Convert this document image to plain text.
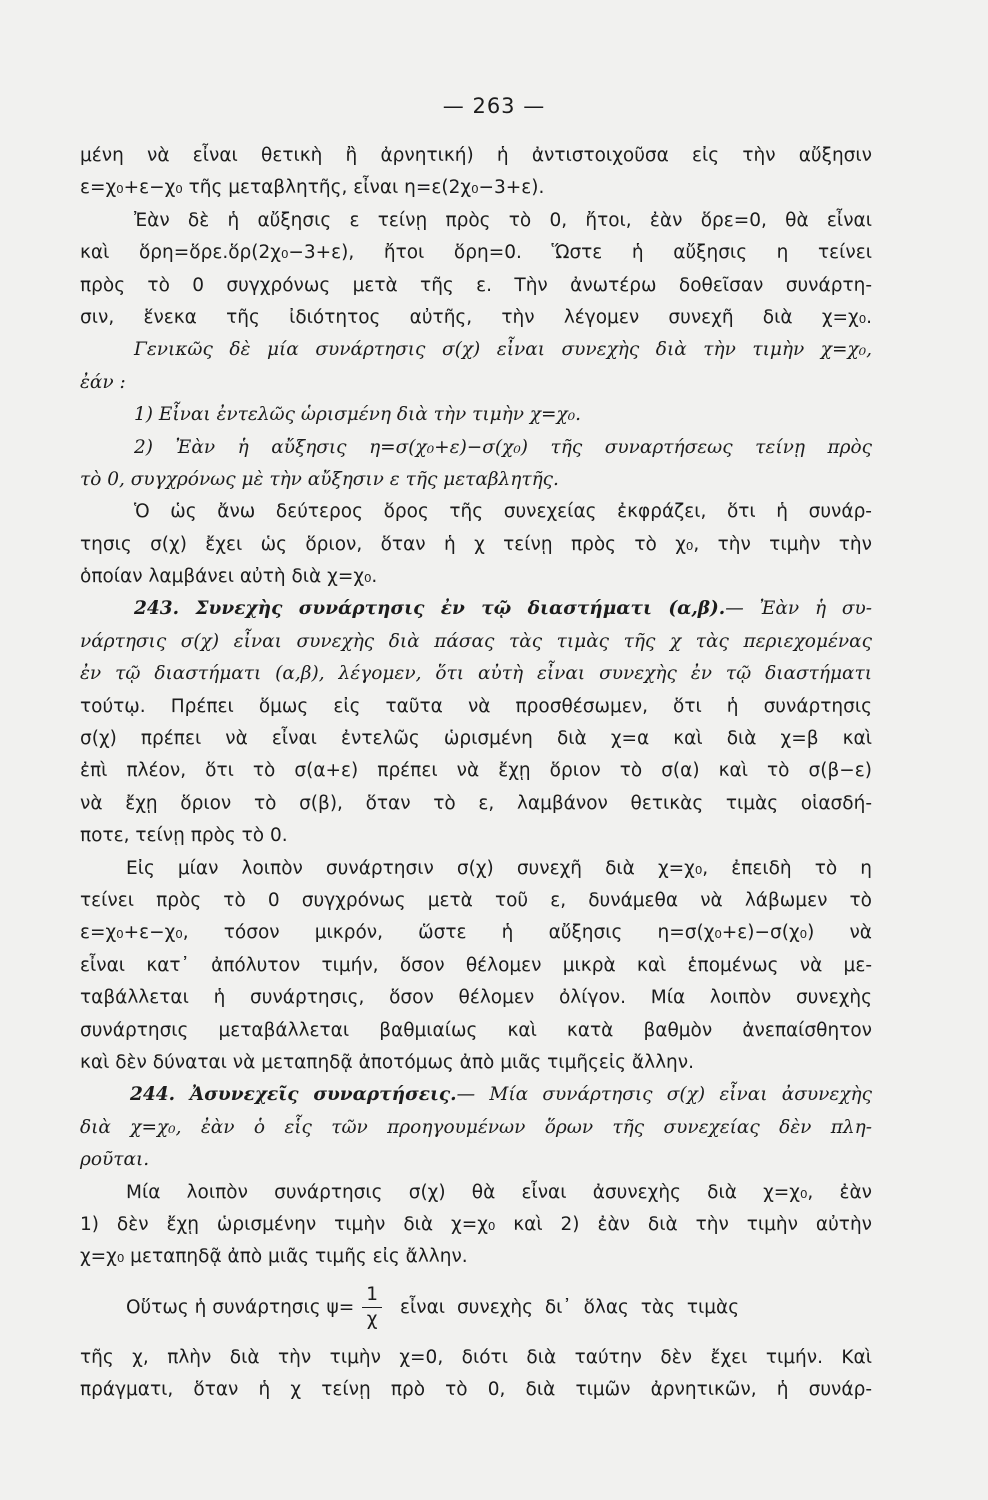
— 263 —
μένη νὰ εἶναι θετικὴ ἢ ἀρνητική) ἡ ἀντιστοιχοῦσα εἰς τὴν αὔξησιν
ε=χ₀+ε−χ₀ τῆς μεταβλητῆς, εἶναι η=ε(2χ₀−3+ε).
Ἐὰν δὲ ἡ αὔξησις ε τείνῃ πρὸς τὸ 0, ἤτοι, ἐὰν ὅρε=0, θὰ εἶναι
καὶ ὅρη=ὅρε.ὅρ(2χ₀−3+ε), ἤτοι ὅρη=0. Ὥστε ἡ αὔξησις η τείνει
πρὸς τὸ 0 συγχρόνως μετὰ τῆς ε. Τὴν ἀνωτέρω δοθεῖσαν συνάρτη-
σιν, ἕνεκα τῆς ἰδιότητος αὐτῆς, τὴν λέγομεν συνεχῆ διὰ χ=χ₀.
Γενικῶς δὲ μία συνάρτησις σ(χ) εἶναι συνεχὴς διὰ τὴν τιμὴν χ=χ₀,
ἐάν :
1) Εἶναι ἐντελῶς ὡρισμένη διὰ τὴν τιμὴν χ=χ₀.
2) Ἐὰν ἡ αὔξησις η=σ(χ₀+ε)−σ(χ₀) τῆς συναρτήσεως τείνῃ πρὸς
τὸ 0, συγχρόνως μὲ τὴν αὔξησιν ε τῆς μεταβλητῆς.
Ὁ ὡς ἄνω δεύτερος ὅρος τῆς συνεχείας ἐκφράζει, ὅτι ἡ συνάρ-
τησις σ(χ) ἔχει ὡς ὅριον, ὅταν ἡ χ τείνῃ πρὸς τὸ χ₀, τὴν τιμὴν τὴν
ὁποίαν λαμβάνει αὐτὴ διὰ χ=χ₀.
243. Συνεχὴς συνάρτησις ἐν τῷ διαστήματι (α,β).— Ἐὰν ἡ συ-
νάρτησις σ(χ) εἶναι συνεχὴς διὰ πάσας τὰς τιμὰς τῆς χ τὰς περιεχομένας
ἐν τῷ διαστήματι (α,β), λέγομεν, ὅτι αὐτὴ εἶναι συνεχὴς ἐν τῷ διαστήματι
τούτῳ. Πρέπει ὅμως εἰς ταῦτα νὰ προσθέσωμεν, ὅτι ἡ συνάρτησις
σ(χ) πρέπει νὰ εἶναι ἐντελῶς ὡρισμένη διὰ χ=α καὶ διὰ χ=β καὶ
ἐπὶ πλέον, ὅτι τὸ σ(α+ε) πρέπει νὰ ἔχῃ ὅριον τὸ σ(α) καὶ τὸ σ(β−ε)
νὰ ἔχῃ ὅριον τὸ σ(β), ὅταν τὸ ε, λαμβάνον θετικὰς τιμὰς οἱασδή-
ποτε, τείνῃ πρὸς τὸ 0.
Εἰς μίαν λοιπὸν συνάρτησιν σ(χ) συνεχῆ διὰ χ=χ₀, ἐπειδὴ τὸ η
τείνει πρὸς τὸ 0 συγχρόνως μετὰ τοῦ ε, δυνάμεθα νὰ λάβωμεν τὸ
ε=χ₀+ε−χ₀, τόσον μικρόν, ὥστε ἡ αὔξησις η=σ(χ₀+ε)−σ(χ₀) νὰ
εἶναι κατ᾽ ἀπόλυτον τιμήν, ὅσον θέλομεν μικρὰ καὶ ἑπομένως νὰ με-
ταβάλλεται ἡ συνάρτησις, ὅσον θέλομεν ὀλίγον. Μία λοιπὸν συνεχὴς
συνάρτησις μεταβάλλεται βαθμιαίως καὶ κατὰ βαθμὸν ἀνεπαίσθητον
καὶ δὲν δύναται νὰ μεταπηδᾷ ἀποτόμως ἀπὸ μιᾶς τιμῆςεἰς ἄλλην.
244. Ἀσυνεχεῖς συναρτήσεις.— Μία συνάρτησις σ(χ) εἶναι ἀσυνεχὴς
διὰ χ=χ₀, ἐὰν ὁ εἷς τῶν προηγουμένων ὅρων τῆς συνεχείας δὲν πλη-
ροῦται.
Μία λοιπὸν συνάρτησις σ(χ) θὰ εἶναι ἀσυνεχὴς διὰ χ=χ₀, ἐὰν
1) δὲν ἔχῃ ὡρισμένην τιμὴν διὰ χ=χ₀ καὶ 2) ἐὰν διὰ τὴν τιμὴν αὐτὴν
χ=χ₀ μεταπηδᾷ ἀπὸ μιᾶς τιμῆς εἰς ἄλλην.
Οὕτως ἡ συνάρτησις $\psi= \frac{1}{\chi}$ εἶναι συνεχὴς δι᾽ ὅλας τὰς τιμὰς
τῆς χ, πλὴν διὰ τὴν τιμὴν χ=0, διότι διὰ ταύτην δὲν ἔχει τιμήν. Καὶ
πράγματι, ὅταν ἡ χ τείνῃ πρὸ τὸ 0, διὰ τιμῶν ἀρνητικῶν, ἡ συνάρ-
